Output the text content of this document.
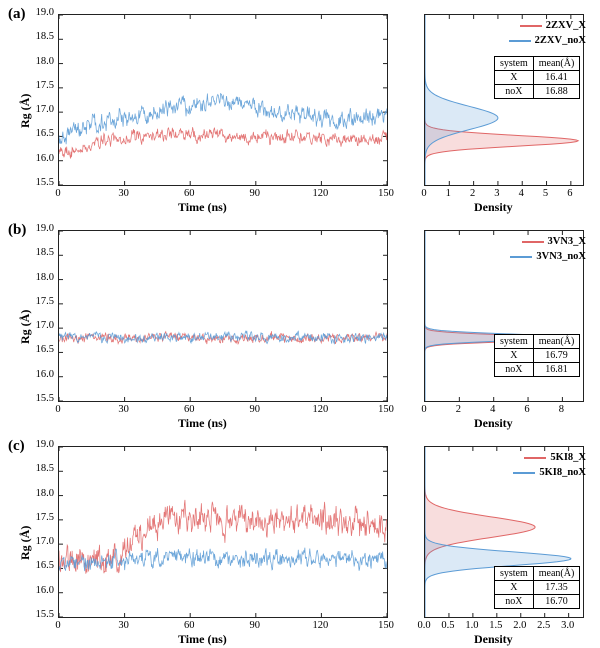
(a)
Rg (Å)
15.5
16.0
16.5
17.0
17.5
18.0
18.5
19.0
0	30	60	90	120	150
Time (ns)
0	1	2	3	4	5	6
Density
2ZXV_X
2ZXV_noX
system	mean(Å)
X	16.41
noX	16.88
(b)
Rg (Å)
15.5
16.0
16.5
17.0
17.5
18.0
18.5
19.0
0	30	60	90	120	150
Time (ns)
0	2	4	6	8
Density
3VN3_X
3VN3_noX
system	mean(Å)
X	16.79
noX	16.81
(c)
Rg (Å)
15.5
16.0
16.5
17.0
17.5
18.0
18.5
19.0
0	30	60	90	120	150
Time (ns)
0.0	0.5	1.0	1.5	2.0	2.5	3.0
Density
5KI8_X
5KI8_noX
system	mean(Å)
X	17.35
noX	16.70
